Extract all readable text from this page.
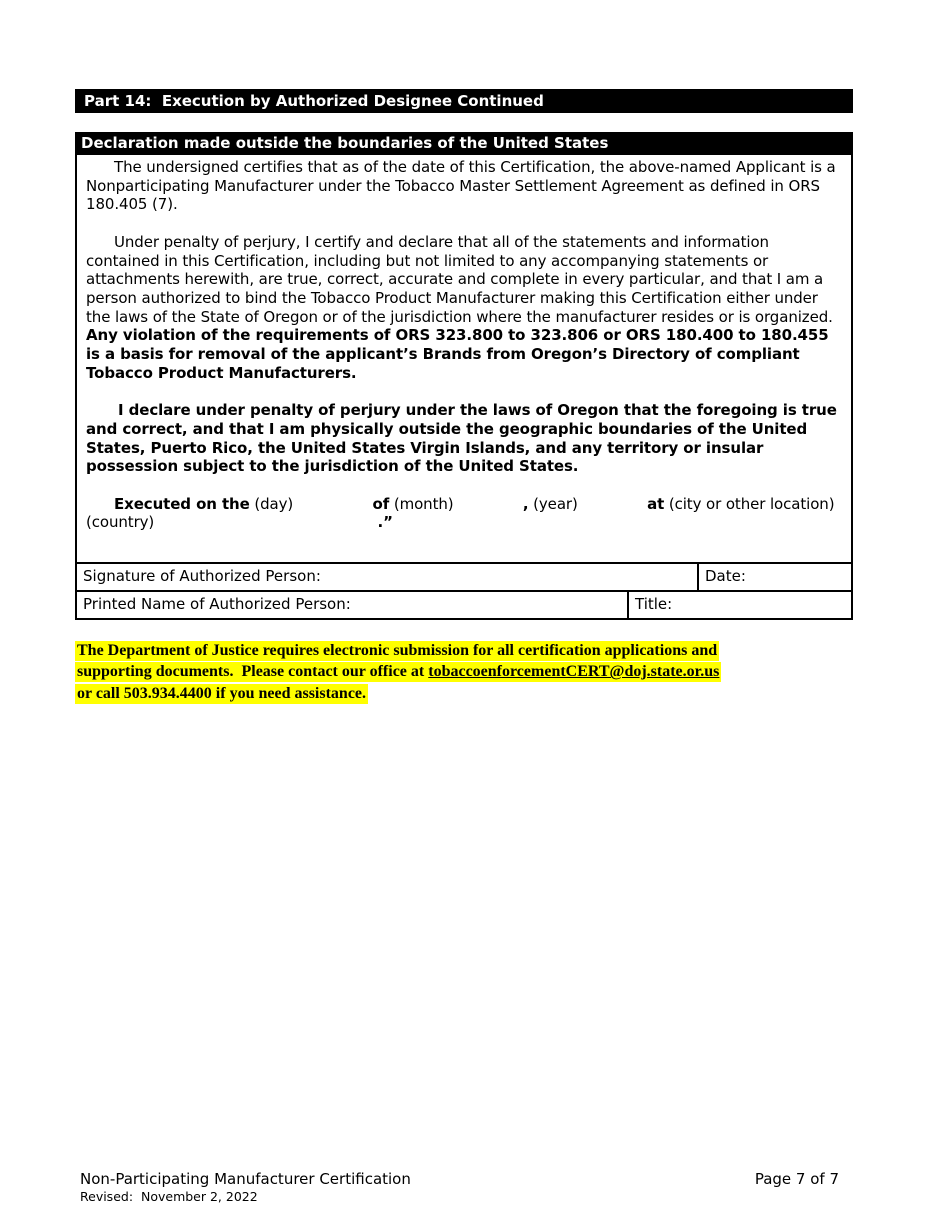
Part 14:  Execution by Authorized Designee Continued
Declaration made outside the boundaries of the United States

The undersigned certifies that as of the date of this Certification, the above-named Applicant is a Nonparticipating Manufacturer under the Tobacco Master Settlement Agreement as defined in ORS 180.405 (7).

Under penalty of perjury, I certify and declare that all of the statements and information contained in this Certification, including but not limited to any accompanying statements or attachments herewith, are true, correct, accurate and complete in every particular, and that I am a person authorized to bind the Tobacco Product Manufacturer making this Certification either under the laws of the State of Oregon or of the jurisdiction where the manufacturer resides or is organized.  Any violation of the requirements of ORS 323.800 to 323.806 or ORS 180.400 to 180.455 is a basis for removal of the applicant’s Brands from Oregon’s Directory of compliant Tobacco Product Manufacturers.

I declare under penalty of perjury under the laws of Oregon that the foregoing is true and correct, and that I am physically outside the geographic boundaries of the United States, Puerto Rico, the United States Virgin Islands, and any territory or insular possession subject to the jurisdiction of the United States.

Executed on the (day)	of (month)	, (year)	at (city or other location)

(country)	.”

Signature of Authorized Person:	Date:
Printed Name of Authorized Person:	Title:
The Department of Justice requires electronic submission for all certification applications and
supporting documents.  Please contact our office at tobaccoenforcementCERT@doj.state.or.us
or call 503.934.4400 if you need assistance.
Non-Participating Manufacturer Certification	Page 7 of 7
Revised:  November 2, 2022
